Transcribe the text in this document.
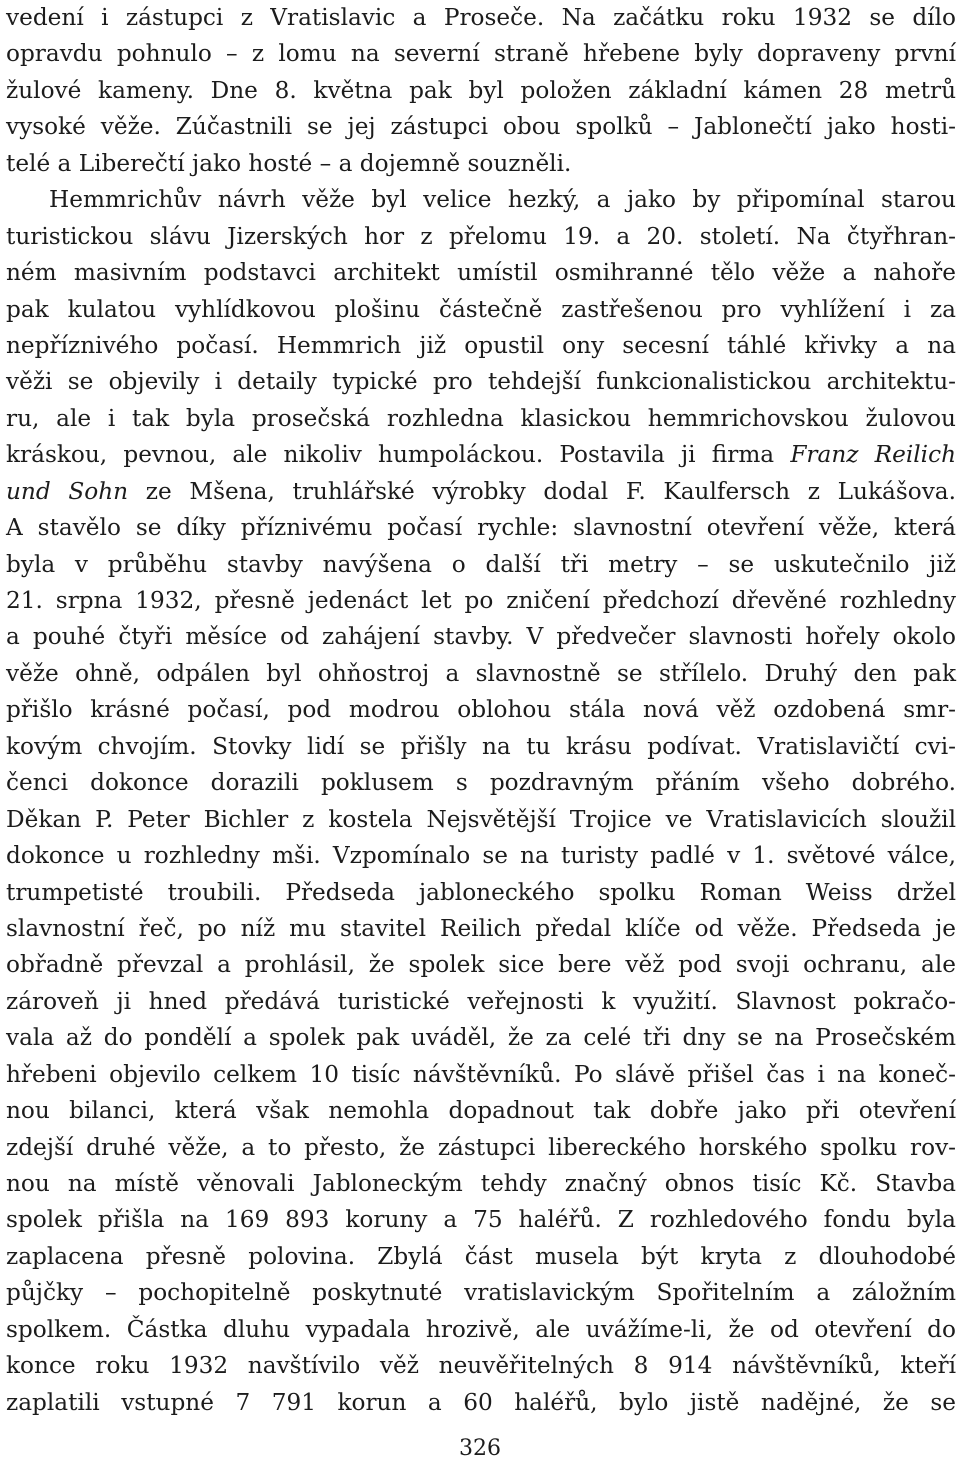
vedení i zástupci z Vratislavic a Proseče. Na začátku roku 1932 se dílo
opravdu pohnulo – z lomu na severní straně hřebene byly dopraveny první
žulové kameny. Dne 8. května pak byl položen základní kámen 28 metrů
vysoké věže. Zúčastnili se jej zástupci obou spolků – Jablonečtí jako hosti-
telé a Liberečtí jako hosté – a dojemně souzněli.
Hemmrichův návrh věže byl velice hezký, a jako by připomínal starou
turistickou slávu Jizerských hor z přelomu 19. a 20. století. Na čtyřhran-
ném masivním podstavci architekt umístil osmihranné tělo věže a nahoře
pak kulatou vyhlídkovou plošinu částečně zastřešenou pro vyhlížení i za
nepříznivého počasí. Hemmrich již opustil ony secesní táhlé křivky a na
věži se objevily i detaily typické pro tehdejší funkcionalistickou architektu-
ru, ale i tak byla prosečská rozhledna klasickou hemmrichovskou žulovou
kráskou, pevnou, ale nikoliv humpoláckou. Postavila ji firma Franz Reilich
und Sohn ze Mšena, truhlářské výrobky dodal F. Kaulfersch z Lukášova.
A stavělo se díky příznivému počasí rychle: slavnostní otevření věže, která
byla v průběhu stavby navýšena o další tři metry – se uskutečnilo již
21. srpna 1932, přesně jedenáct let po zničení předchozí dřevěné rozhledny
a pouhé čtyři měsíce od zahájení stavby. V předvečer slavnosti hořely okolo
věže ohně, odpálen byl ohňostroj a slavnostně se střílelo. Druhý den pak
přišlo krásné počasí, pod modrou oblohou stála nová věž ozdobená smr-
kovým chvojím. Stovky lidí se přišly na tu krásu podívat. Vratislavičtí cvi-
čenci dokonce dorazili poklusem s pozdravným přáním všeho dobrého.
Děkan P. Peter Bichler z kostela Nejsvětější Trojice ve Vratislavicích sloužil
dokonce u rozhledny mši. Vzpomínalo se na turisty padlé v 1. světové válce,
trumpetisté troubili. Předseda jabloneckého spolku Roman Weiss držel
slavnostní řeč, po níž mu stavitel Reilich předal klíče od věže. Předseda je
obřadně převzal a prohlásil, že spolek sice bere věž pod svoji ochranu, ale
zároveň ji hned předává turistické veřejnosti k využití. Slavnost pokračo-
vala až do pondělí a spolek pak uváděl, že za celé tři dny se na Prosečském
hřebeni objevilo celkem 10 tisíc návštěvníků. Po slávě přišel čas i na koneč-
nou bilanci, která však nemohla dopadnout tak dobře jako při otevření
zdejší druhé věže, a to přesto, že zástupci libereckého horského spolku rov-
nou na místě věnovali Jabloneckým tehdy značný obnos tisíc Kč. Stavba
spolek přišla na 169 893 koruny a 75 haléřů. Z rozhledového fondu byla
zaplacena přesně polovina. Zbylá část musela být kryta z dlouhodobé
půjčky – pochopitelně poskytnuté vratislavickým Spořitelním a záložním
spolkem. Částka dluhu vypadala hrozivě, ale uvážíme-li, že od otevření do
konce roku 1932 navštívilo věž neuvěřitelných 8 914 návštěvníků, kteří
zaplatili vstupné 7 791 korun a 60 haléřů, bylo jistě nadějné, že se
326
